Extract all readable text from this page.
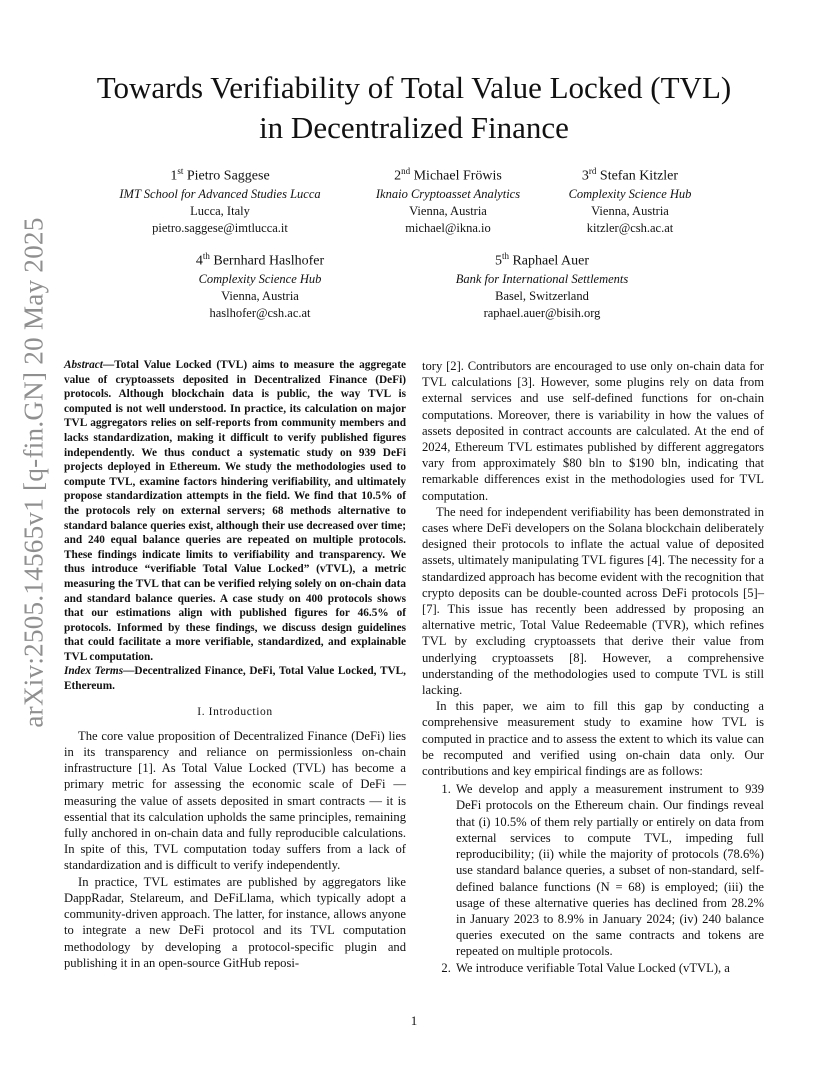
arXiv:2505.14565v1 [q-fin.GN] 20 May 2025
Towards Verifiability of Total Value Locked (TVL)
in Decentralized Finance
1st Pietro Saggese
IMT School for Advanced Studies Lucca
Lucca, Italy
pietro.saggese@imtlucca.it
2nd Michael Fröwis
Iknaio Cryptoasset Analytics
Vienna, Austria
michael@ikna.io
3rd Stefan Kitzler
Complexity Science Hub
Vienna, Austria
kitzler@csh.ac.at
4th Bernhard Haslhofer
Complexity Science Hub
Vienna, Austria
haslhofer@csh.ac.at
5th Raphael Auer
Bank for International Settlements
Basel, Switzerland
raphael.auer@bisih.org

Abstract—Total Value Locked (TVL) aims to measure the aggregate value of cryptoassets deposited in Decentralized Finance (DeFi) protocols. Although blockchain data is public, the way TVL is computed is not well understood. In practice, its calculation on major TVL aggregators relies on self-reports from community members and lacks standardization, making it difficult to verify published figures independently. We thus conduct a systematic study on 939 DeFi projects deployed in Ethereum. We study the methodologies used to compute TVL, examine factors hindering verifiability, and ultimately propose standardization attempts in the field. We find that 10.5% of the protocols rely on external servers; 68 methods alternative to standard balance queries exist, although their use decreased over time; and 240 equal balance queries are repeated on multiple protocols. These findings indicate limits to verifiability and transparency. We thus introduce “verifiable Total Value Locked” (vTVL), a metric measuring the TVL that can be verified relying solely on on-chain data and standard balance queries. A case study on 400 protocols shows that our estimations align with published figures for 46.5% of protocols. Informed by these findings, we discuss design guidelines that could facilitate a more verifiable, standardized, and explainable TVL computation.

Index Terms—Decentralized Finance, DeFi, Total Value Locked, TVL, Ethereum.

I. Introduction

The core value proposition of Decentralized Finance (DeFi) lies in its transparency and reliance on permissionless on-chain infrastructure [1]. As Total Value Locked (TVL) has become a primary metric for assessing the economic scale of DeFi — measuring the value of assets deposited in smart contracts — it is essential that its calculation upholds the same principles, remaining fully anchored in on-chain data and fully reproducible calculations. In spite of this, TVL computation today suffers from a lack of standardization and is difficult to verify independently.

In practice, TVL estimates are published by aggregators like DappRadar, Stelareum, and DeFiLlama, which typically adopt a community-driven approach. The latter, for instance, allows anyone to integrate a new DeFi protocol and its TVL computation methodology by developing a protocol-specific plugin and publishing it in an open-source GitHub reposi-

tory [2]. Contributors are encouraged to use only on-chain data for TVL calculations [3]. However, some plugins rely on data from external services and use self-defined functions for on-chain computations. Moreover, there is variability in how the values of assets deposited in contract accounts are calculated. At the end of 2024, Ethereum TVL estimates published by different aggregators vary from approximately $80 bln to $190 bln, indicating that remarkable differences exist in the methodologies used for TVL computation.

The need for independent verifiability has been demonstrated in cases where DeFi developers on the Solana blockchain deliberately designed their protocols to inflate the actual value of deposited assets, ultimately manipulating TVL figures [4]. The necessity for a standardized approach has become evident with the recognition that crypto deposits can be double-counted across DeFi protocols [5]–[7]. This issue has recently been addressed by proposing an alternative metric, Total Value Redeemable (TVR), which refines TVL by excluding cryptoassets that derive their value from underlying cryptoassets [8]. However, a comprehensive understanding of the methodologies used to compute TVL is still lacking.

In this paper, we aim to fill this gap by conducting a comprehensive measurement study to examine how TVL is computed in practice and to assess the extent to which its value can be recomputed and verified using on-chain data only. Our contributions and key empirical findings are as follows:

1. We develop and apply a measurement instrument to 939 DeFi protocols on the Ethereum chain. Our findings reveal that (i) 10.5% of them rely partially or entirely on data from external services to compute TVL, impeding full reproducibility; (ii) while the majority of protocols (78.6%) use standard balance queries, a subset of non-standard, self-defined balance functions (N = 68) is employed; (iii) the usage of these alternative queries has declined from 28.2% in January 2023 to 8.9% in January 2024; (iv) 240 balance queries executed on the same contracts and tokens are repeated on multiple protocols.
2. We introduce verifiable Total Value Locked (vTVL), a
1
